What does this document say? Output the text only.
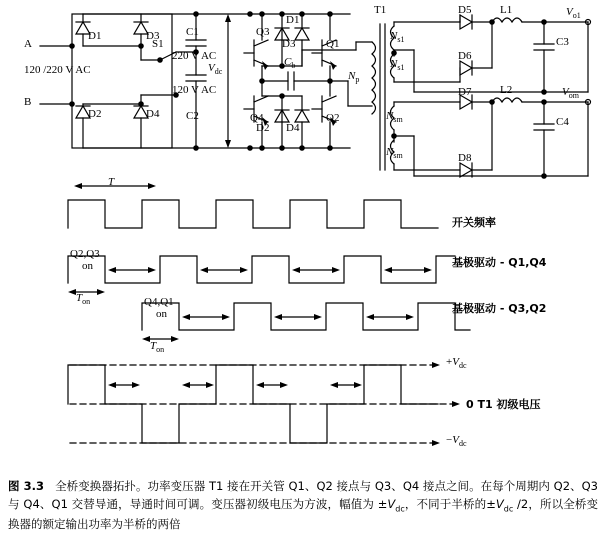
A
B
120 /220 V AC
D1
D2
D3
D4
S1
C1
C2
220 V AC
120 V AC
$V_{dc}$
Q3
Q1
Q4	Q2
D1
D3
D2 D4
$C_b$
T1
$N_p$
$N_{s1}$
$N_{s1}$
$N_{sm}$
$N_{sm}$
D5
D6
L1
C3
$V_{o1}$
D7
D8
L2
C4
$V_{om}$
T
开关频率
Q2,Q3
on
$T_{on}$
基极驱动 - Q1,Q4
Q4,Q1
on
$T_{on}$
基极驱动 - Q3,Q2
$+V_{dc}$
0 T1 初级电压
$-V_{dc}$
图 3.3   全桥变换器拓扑。功率变压器 T1 接在开关管 Q1、Q2 接点与 Q3、Q4 接点之间。在每个周期内 Q2、Q3 与 Q4、Q1 交替导通，导通时间可调。变压器初级电压为方波，幅值为 $\pm V_{dc}$，不同于半桥的$\pm V_{dc}$ /2，所以全桥变换器的额定输出功率为半桥的两倍
